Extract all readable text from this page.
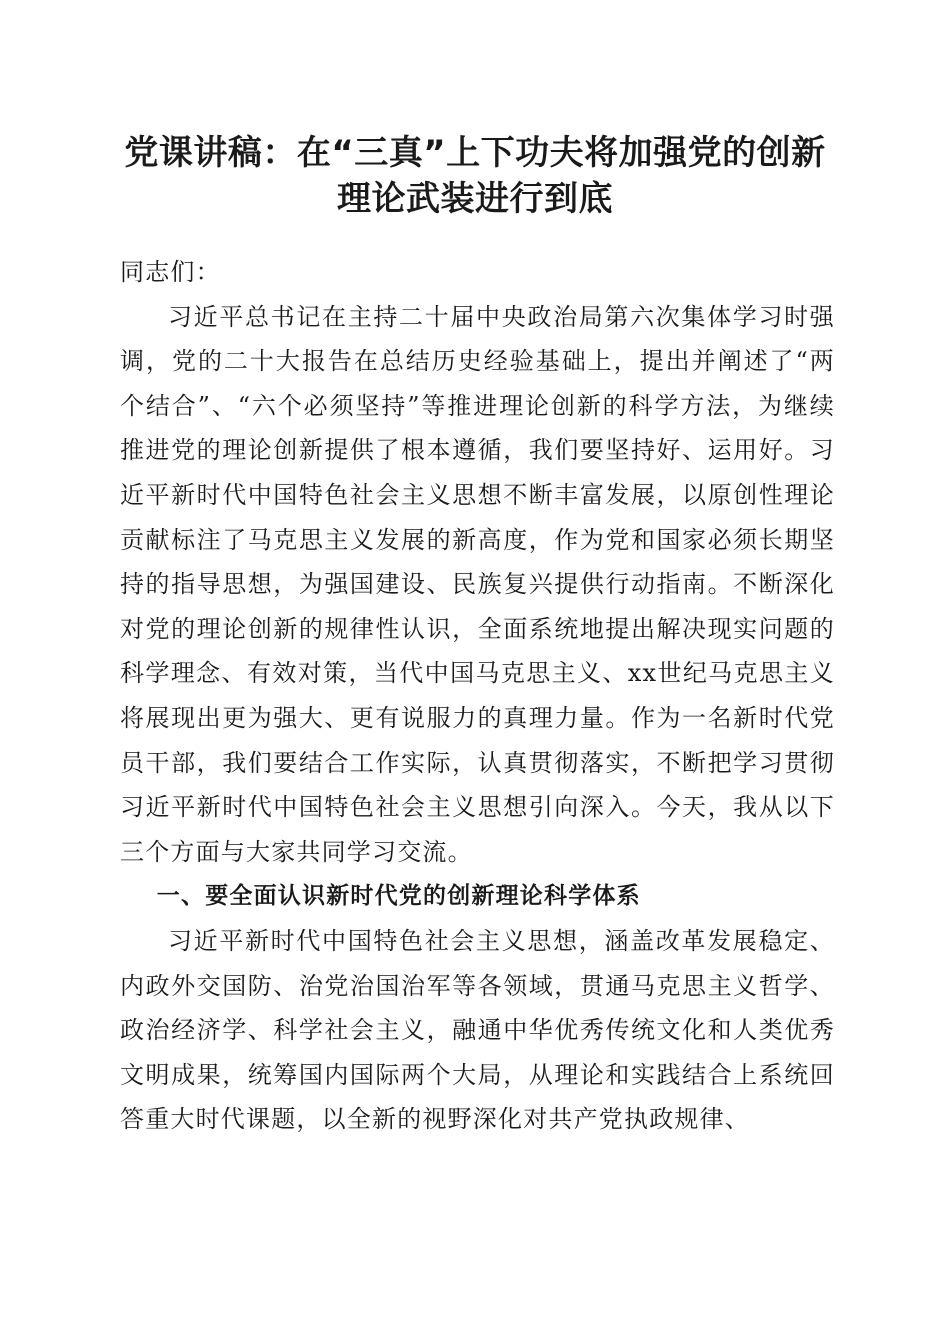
党课讲稿：在“三真”上下功夫将加强党的创新理论武装进行到底

同志们：

习近平总书记在主持二十届中央政治局第六次集体学习时强调，党的二十大报告在总结历史经验基础上，提出并阐述了“两个结合”、“六个必须坚持”等推进理论创新的科学方法，为继续推进党的理论创新提供了根本遵循，我们要坚持好、运用好。习近平新时代中国特色社会主义思想不断丰富发展，以原创性理论贡献标注了马克思主义发展的新高度，作为党和国家必须长期坚持的指导思想，为强国建设、民族复兴提供行动指南。不断深化对党的理论创新的规律性认识，全面系统地提出解决现实问题的科学理念、有效对策，当代中国马克思主义、xx世纪马克思主义将展现出更为强大、更有说服力的真理力量。作为一名新时代党员干部，我们要结合工作实际，认真贯彻落实，不断把学习贯彻习近平新时代中国特色社会主义思想引向深入。今天，我从以下三个方面与大家共同学习交流。

一、要全面认识新时代党的创新理论科学体系

习近平新时代中国特色社会主义思想，涵盖改革发展稳定、内政外交国防、治党治国治军等各领域，贯通马克思主义哲学、政治经济学、科学社会主义，融通中华优秀传统文化和人类优秀文明成果，统筹国内国际两个大局，从理论和实践结合上系统回答重大时代课题，以全新的视野深化对共产党执政规律、
